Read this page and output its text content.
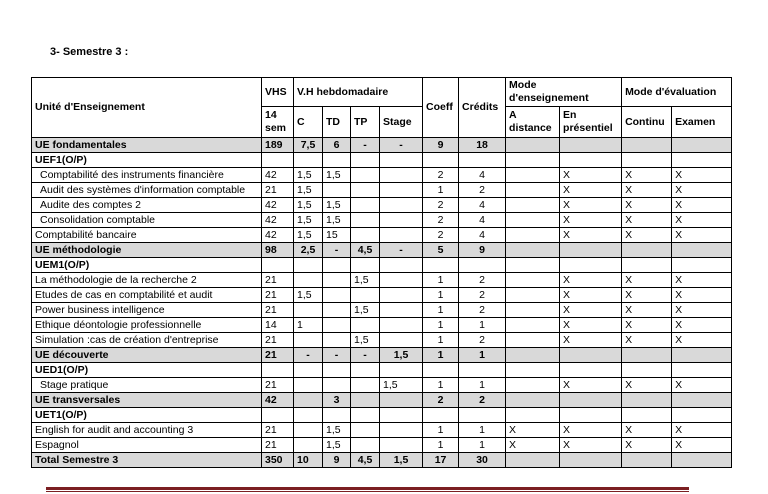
3- Semestre 3 :
Unité d'Enseignement	VHS	V.H hebdomadaire				Coeff	Crédits	Mode d'enseignement		Mode d'évaluation	
	14 sem	C	TD	TP	Stage			A distance	En présentiel	Continu	Examen
UE fondamentales	189	7,5	6	-	-	9	18				
UEF1(O/P)											
Comptabilité des instruments financière	42	1,5	1,5			2	4		X	X	X
Audit des systèmes d'information comptable	21	1,5				1	2		X	X	X
Audite des comptes 2	42	1,5	1,5			2	4		X	X	X
Consolidation comptable	42	1,5	1,5			2	4		X	X	X
Comptabilité bancaire	42	1,5	15			2	4		X	X	X
UE méthodologie	98	2,5	-	4,5	-	5	9				
UEM1(O/P)											
La méthodologie de la recherche 2	21			1,5		1	2		X	X	X
Etudes de cas en comptabilité et audit	21	1,5				1	2		X	X	X
Power business intelligence	21			1,5		1	2		X	X	X
Ethique déontologie professionnelle	14	1				1	1		X	X	X
Simulation :cas de création d'entreprise	21			1,5		1	2		X	X	X
UE découverte	21	-	-	-	1,5	1	1				
UED1(O/P)											
Stage pratique	21				1,5	1	1		X	X	X
UE transversales	42		3			2	2				
UET1(O/P)											
English for audit and accounting 3	21		1,5			1	1	X	X	X	X
Espagnol	21		1,5			1	1	X	X	X	X
Total Semestre 3	350	10	9	4,5	1,5	17	30				
